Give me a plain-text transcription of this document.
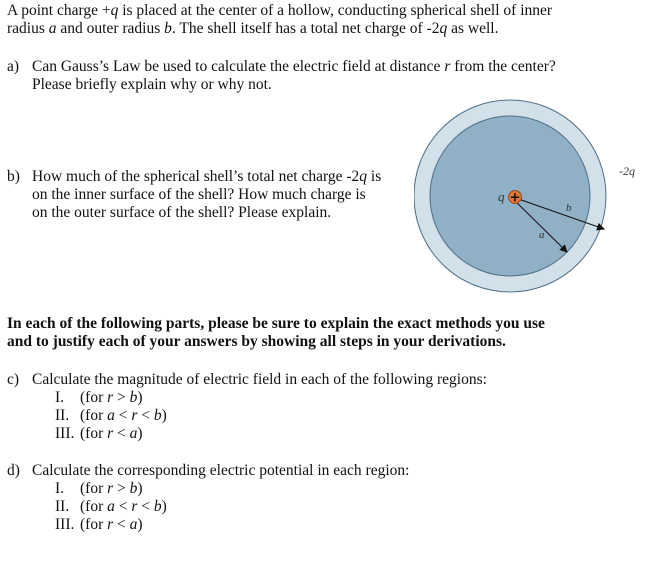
A point charge +q is placed at the center of a hollow, conducting spherical shell of inner
radius a and outer radius b. The shell itself has a total net charge of -2q as well.
a) Can Gauss’s Law be used to calculate the electric field at distance r from the center?
Please briefly explain why or why not.
b) How much of the spherical shell’s total net charge -2q is
on the inner surface of the shell? How much charge is
on the outer surface of the shell? Please explain.
+
q
b
a
-2q
In each of the following parts, please be sure to explain the exact methods you use
and to justify each of your answers by showing all steps in your derivations.
c) Calculate the magnitude of electric field in each of the following regions:
I. (for r > b)
II. (for a < r < b)
III. (for r < a)
d) Calculate the corresponding electric potential in each region:
I. (for r > b)
II. (for a < r < b)
III. (for r < a)
